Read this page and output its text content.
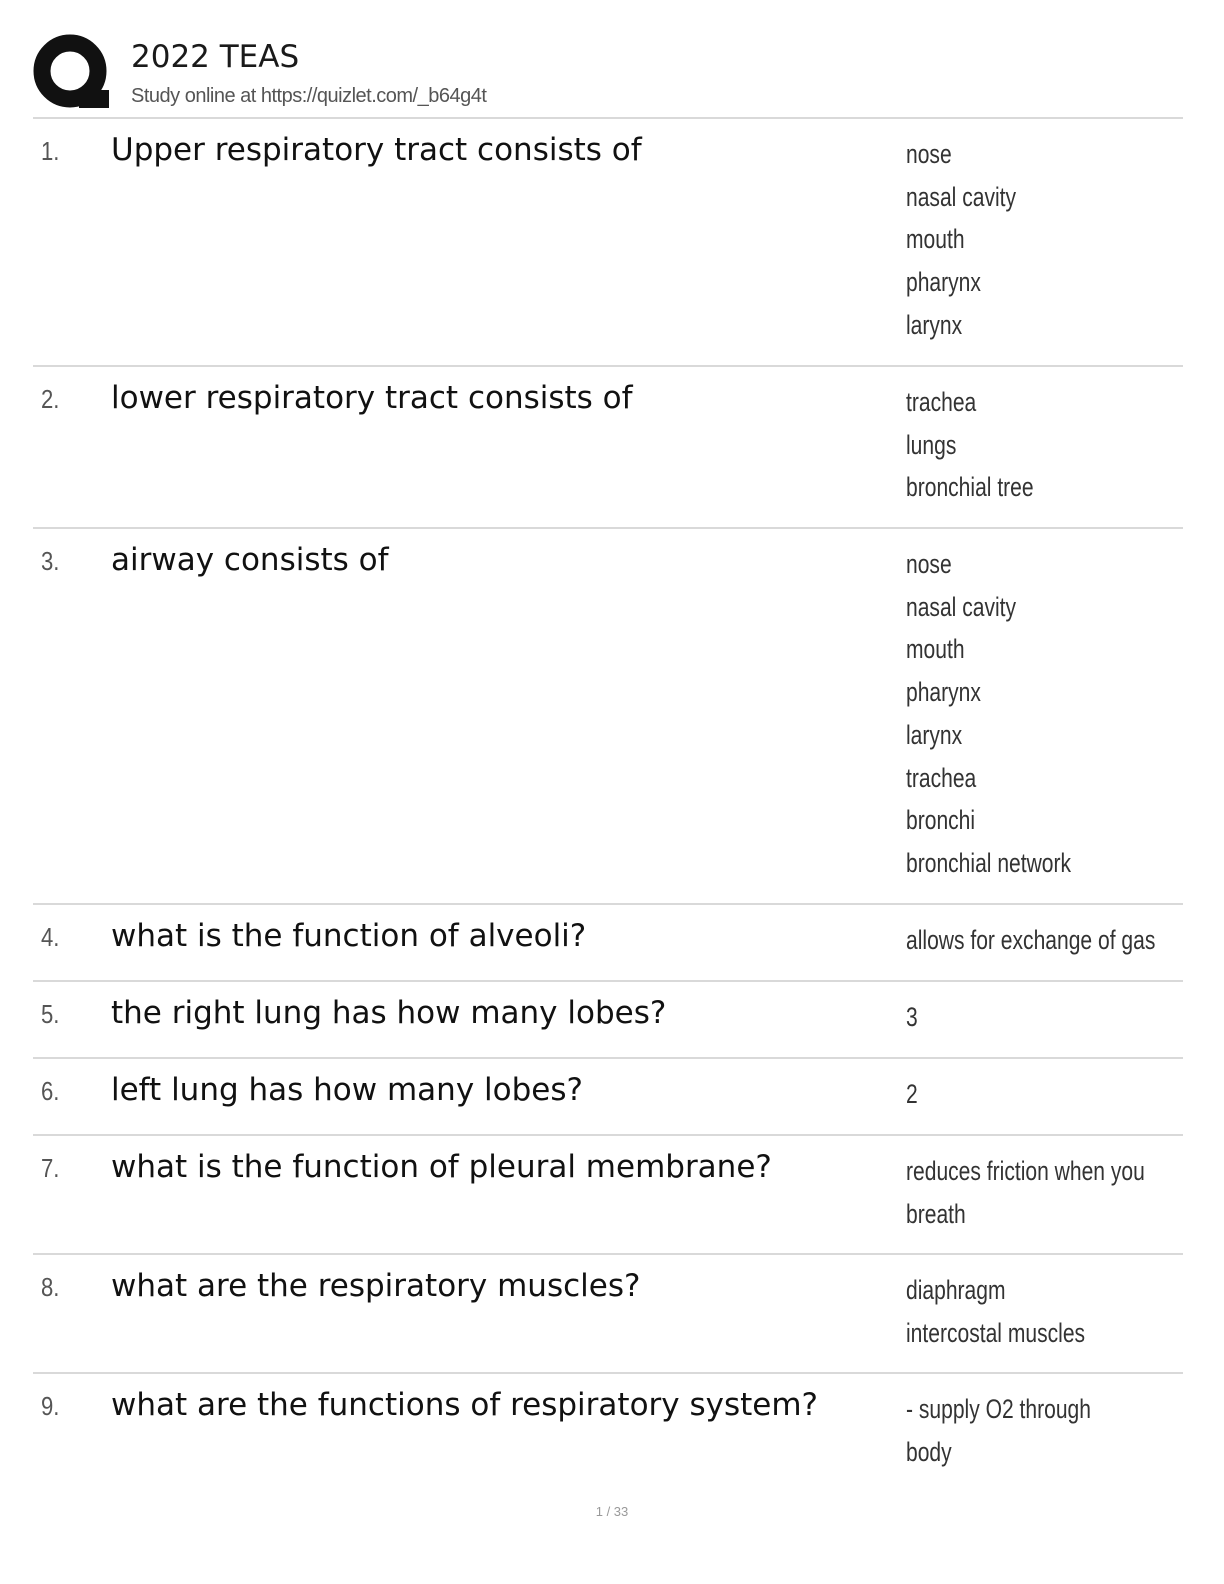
2022 TEAS
Study online at https://quizlet.com/_b64g4t
1. Upper respiratory tract consists of	nose
nasal cavity
mouth
pharynx
larynx
2. lower respiratory tract consists of	trachea
lungs
bronchial tree
3. airway consists of	nose
nasal cavity
mouth
pharynx
larynx
trachea
bronchi
bronchial network
4. what is the function of alveoli?	allows for exchange of gas
5. the right lung has how many lobes?	3
6. left lung has how many lobes?	2
7. what is the function of pleural membrane?	reduces friction when you
breath
8. what are the respiratory muscles?	diaphragm
intercostal muscles
9. what are the functions of respiratory system?	- supply O2 through
body
1 / 33
